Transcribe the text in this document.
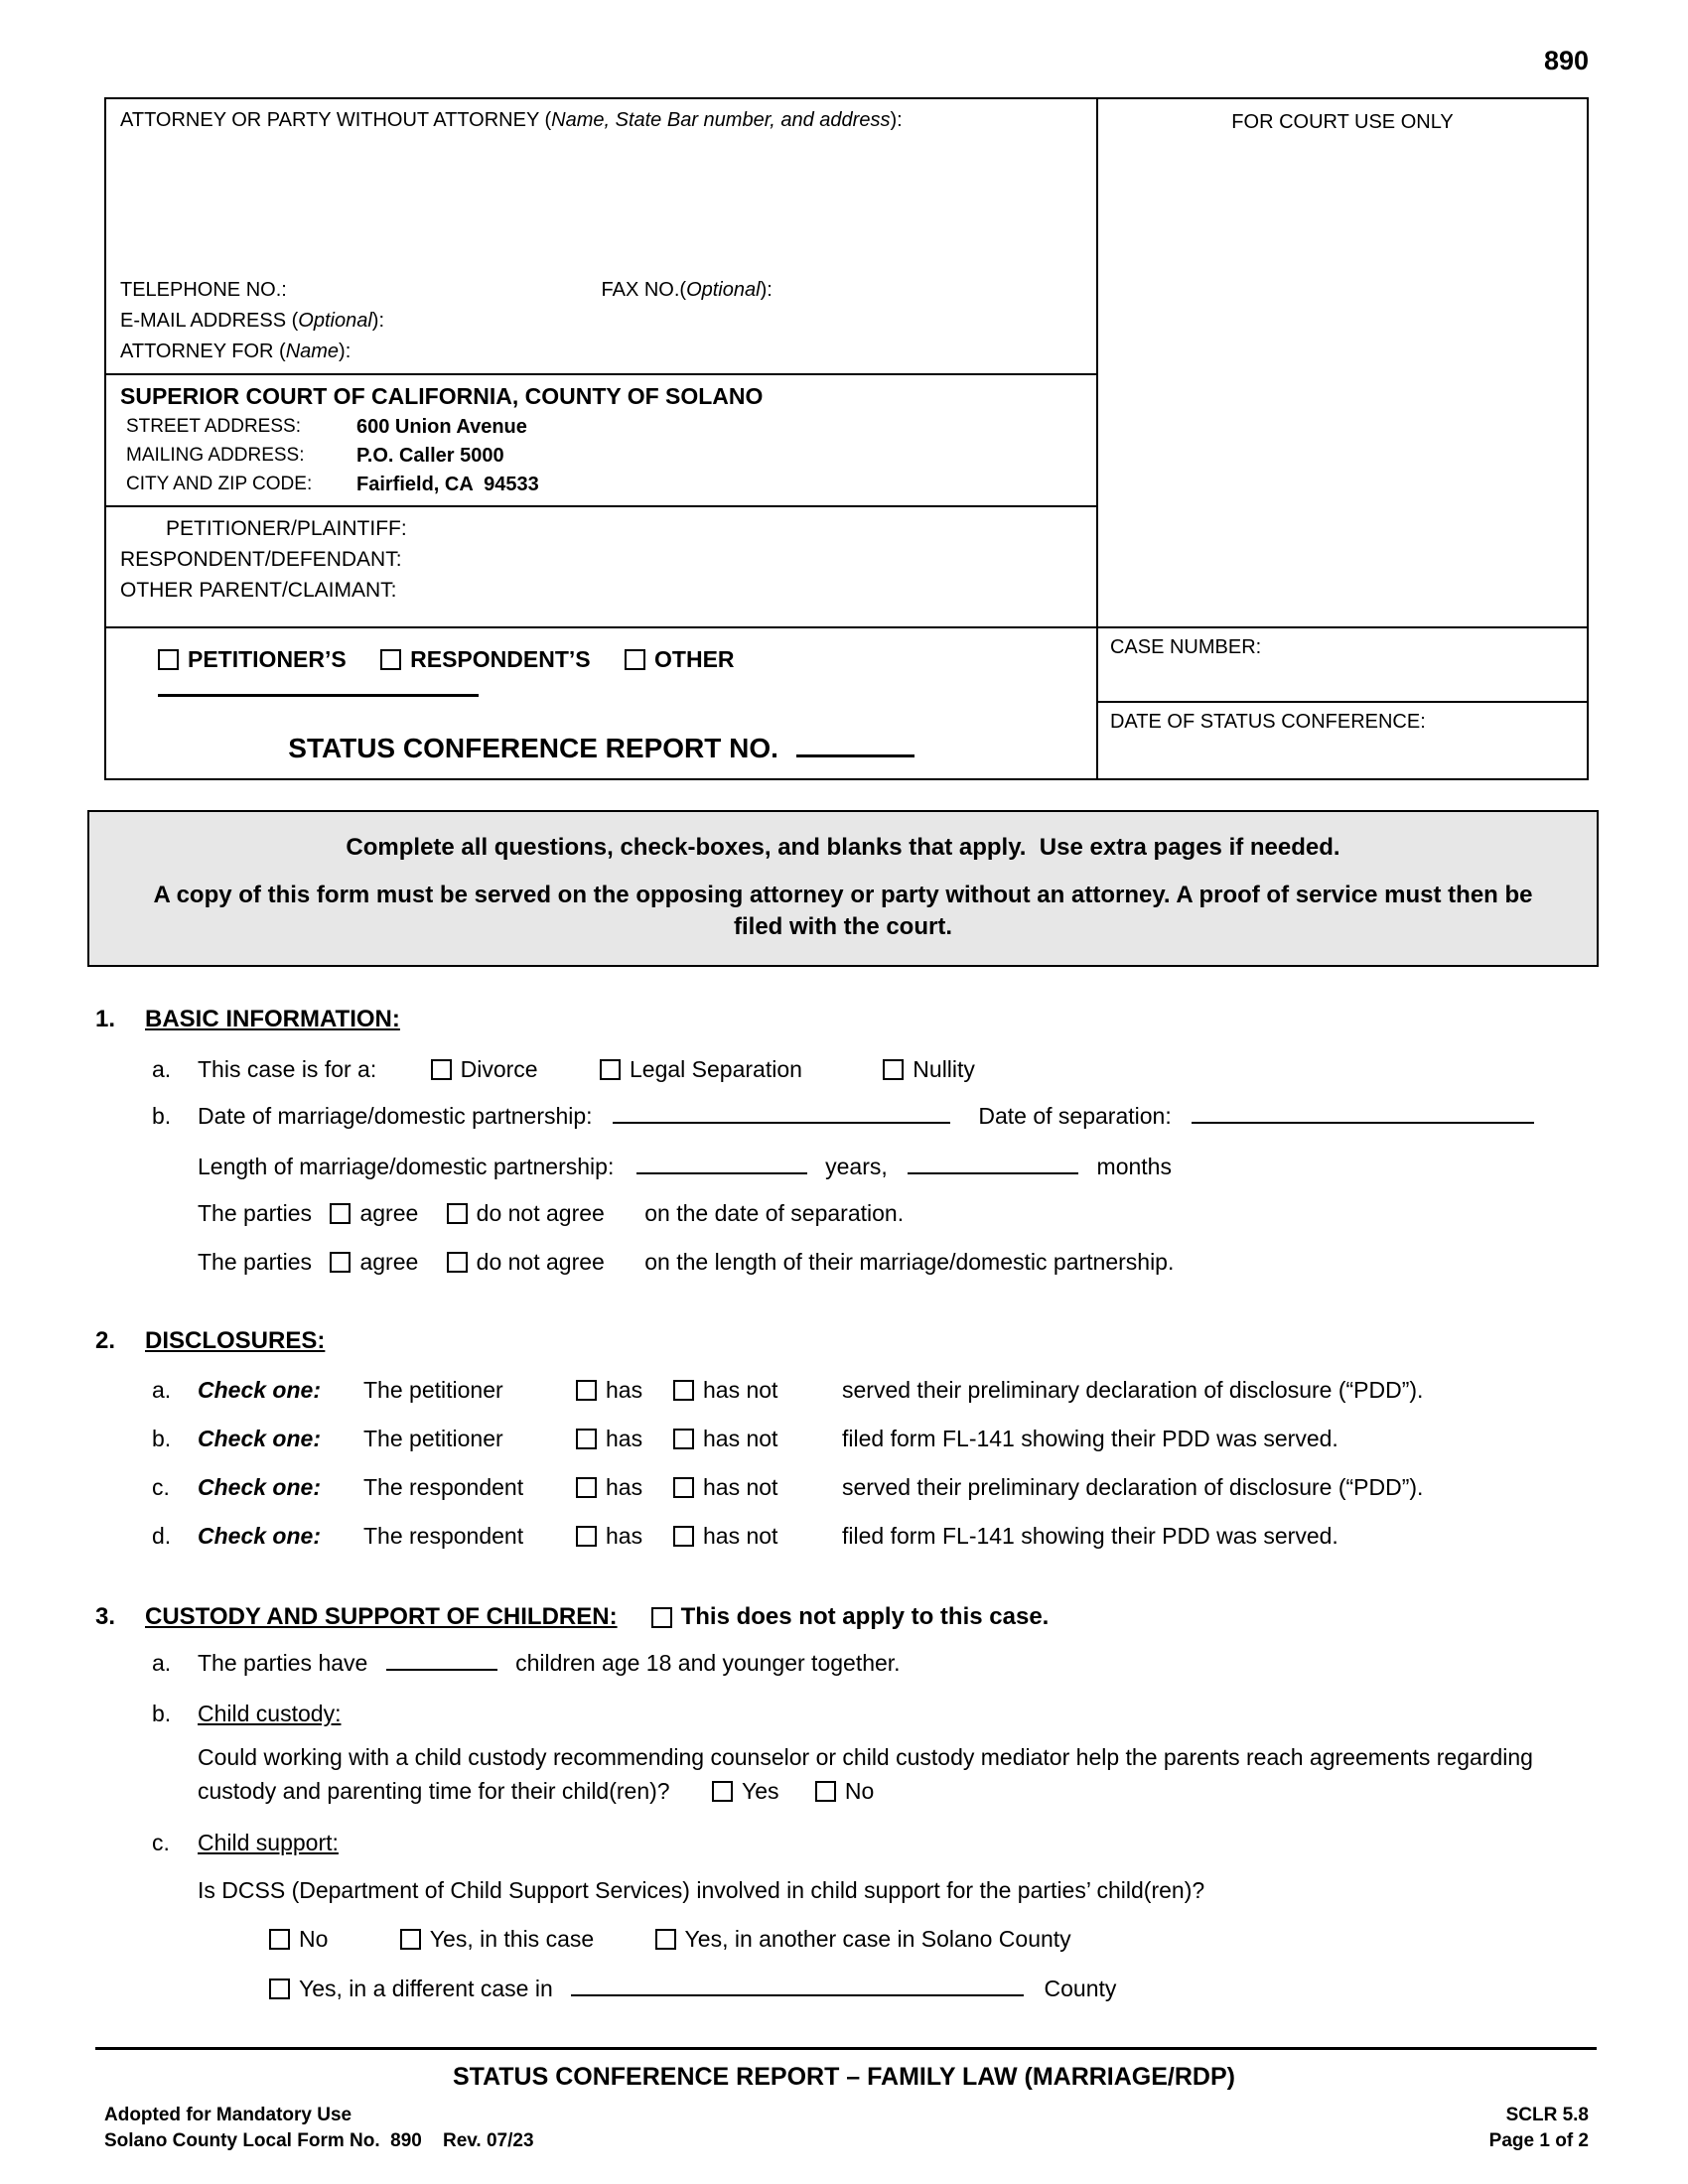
890
ATTORNEY OR PARTY WITHOUT ATTORNEY (Name, State Bar number, and address):
TELEPHONE NO.:	FAX NO.(Optional):
E-MAIL ADDRESS (Optional):
ATTORNEY FOR (Name):
SUPERIOR COURT OF CALIFORNIA, COUNTY OF SOLANO
STREET ADDRESS:	600 Union Avenue
MAILING ADDRESS:	P.O. Caller 5000
CITY AND ZIP CODE:	Fairfield, CA  94533
PETITIONER/PLAINTIFF:
RESPONDENT/DEFENDANT:
OTHER PARENT/CLAIMANT:
PETITIONER’S	RESPONDENT’S	OTHER
STATUS CONFERENCE REPORT NO.
FOR COURT USE ONLY
CASE NUMBER:
DATE OF STATUS CONFERENCE:
Complete all questions, check-boxes, and blanks that apply.  Use extra pages if needed.
A copy of this form must be served on the opposing attorney or party without an attorney. A proof of service must then be filed with the court.
1.	BASIC INFORMATION:
a. This case is for a:	Divorce	Legal Separation	Nullity
b. Date of marriage/domestic partnership:	Date of separation:
Length of marriage/domestic partnership:	years,	months
The parties agree	do not agree on the date of separation.
The parties agree	do not agree on the length of their marriage/domestic partnership.
2.	DISCLOSURES:
a. Check one: The petitioner	has	has not	served their preliminary declaration of disclosure (“PDD”).
b. Check one: The petitioner	has	has not	filed form FL-141 showing their PDD was served.
c. Check one: The respondent	has	has not	served their preliminary declaration of disclosure (“PDD”).
d. Check one: The respondent	has	has not	filed form FL-141 showing their PDD was served.
3.	CUSTODY AND SUPPORT OF CHILDREN:	This does not apply to this case.
a. The parties have	children age 18 and younger together.
b. Child custody:
Could working with a child custody recommending counselor or child custody mediator help the parents reach agreements regarding custody and parenting time for their child(ren)?	Yes	No
c. Child support:
Is DCSS (Department of Child Support Services) involved in child support for the parties’ child(ren)?
No	Yes, in this case	Yes, in another case in Solano County
Yes, in a different case in	County
STATUS CONFERENCE REPORT – FAMILY LAW (MARRIAGE/RDP)
Adopted for Mandatory Use
Solano County Local Form No.  890    Rev. 07/23
SCLR 5.8
Page 1 of 2
